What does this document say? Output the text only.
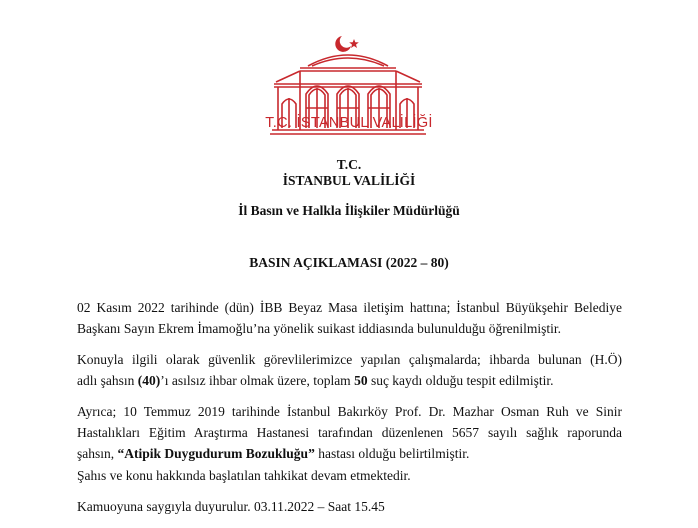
T.C. İSTANBUL VALİLİĞİ
T.C.
İSTANBUL VALİLİĞİ
İl Basın ve Halkla İlişkiler Müdürlüğü
BASIN AÇIKLAMASI (2022 – 80)
02 Kasım 2022 tarihinde (dün) İBB Beyaz Masa iletişim hattına; İstanbul Büyükşehir Belediye
Başkanı Sayın Ekrem İmamoğlu’na yönelik suikast iddiasında bulunulduğu öğrenilmiştir.
Konuyla ilgili olarak güvenlik görevlilerimizce yapılan çalışmalarda; ihbarda bulunan (H.Ö)
adlı şahsın (40)’ı asılsız ihbar olmak üzere, toplam 50 suç kaydı olduğu tespit edilmiştir.
Ayrıca; 10 Temmuz 2019 tarihinde İstanbul Bakırköy Prof. Dr. Mazhar Osman Ruh ve Sinir
Hastalıkları Eğitim Araştırma Hastanesi tarafından düzenlenen 5657 sayılı sağlık raporunda
şahsın, “Atipik Duygudurum Bozukluğu” hastası olduğu belirtilmiştir.
Şahıs ve konu hakkında başlatılan tahkikat devam etmektedir.
Kamuoyuna saygıyla duyurulur. 03.11.2022 – Saat 15.45
